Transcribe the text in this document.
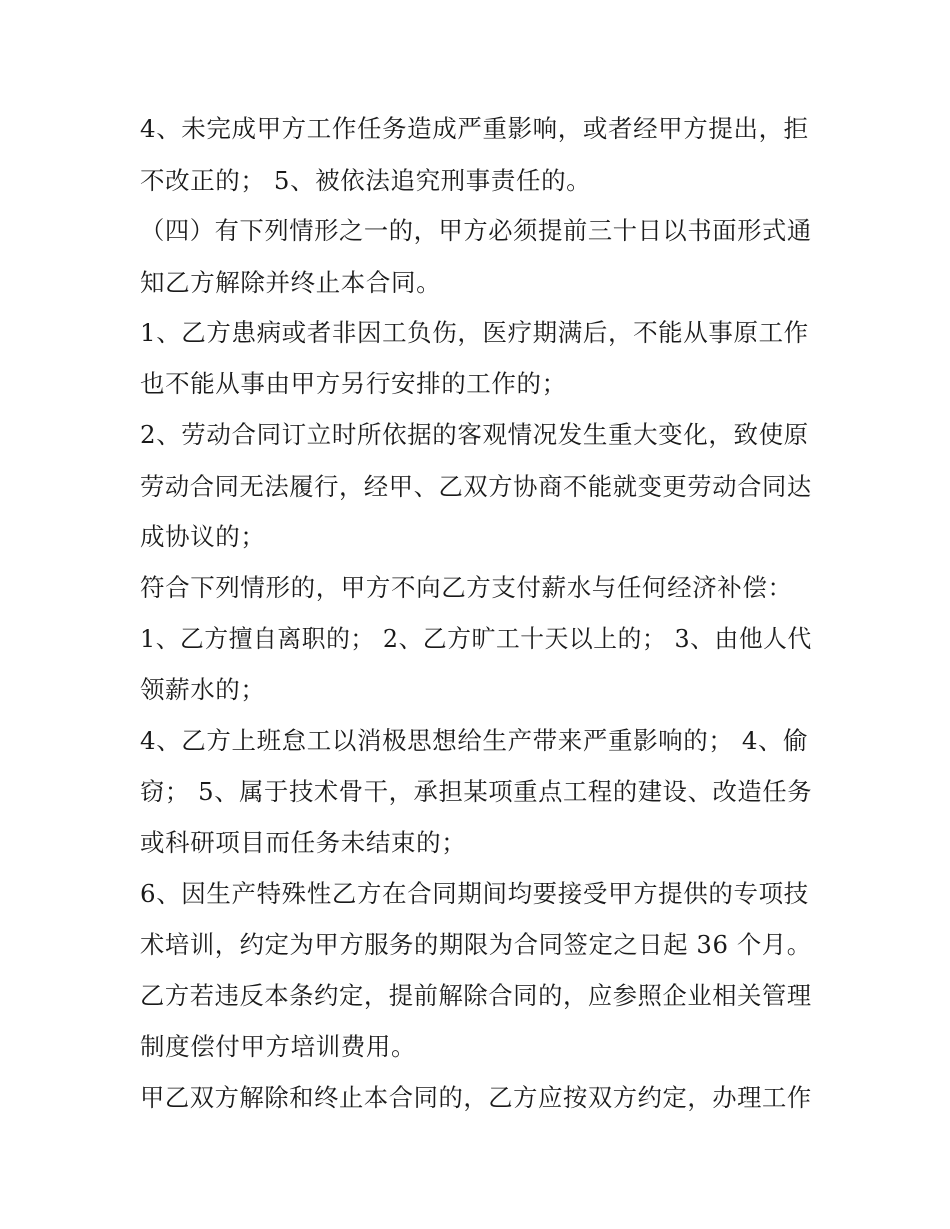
4、未完成甲方工作任务造成严重影响，或者经甲方提出，拒
不改正的； 5、被依法追究刑事责任的。
（四）有下列情形之一的，甲方必须提前三十日以书面形式通
知乙方解除并终止本合同。
1、乙方患病或者非因工负伤，医疗期满后，不能从事原工作
也不能从事由甲方另行安排的工作的；
2、劳动合同订立时所依据的客观情况发生重大变化，致使原
劳动合同无法履行，经甲、乙双方协商不能就变更劳动合同达
成协议的；
符合下列情形的，甲方不向乙方支付薪水与任何经济补偿：
1、乙方擅自离职的； 2、乙方旷工十天以上的； 3、由他人代
领薪水的；
4、乙方上班怠工以消极思想给生产带来严重影响的； 4、偷
窃； 5、属于技术骨干，承担某项重点工程的建设、改造任务
或科研项目而任务未结束的；
6、因生产特殊性乙方在合同期间均要接受甲方提供的专项技
术培训，约定为甲方服务的期限为合同签定之日起 36 个月。
乙方若违反本条约定，提前解除合同的，应参照企业相关管理
制度偿付甲方培训费用。
甲乙双方解除和终止本合同的，乙方应按双方约定，办理工作
